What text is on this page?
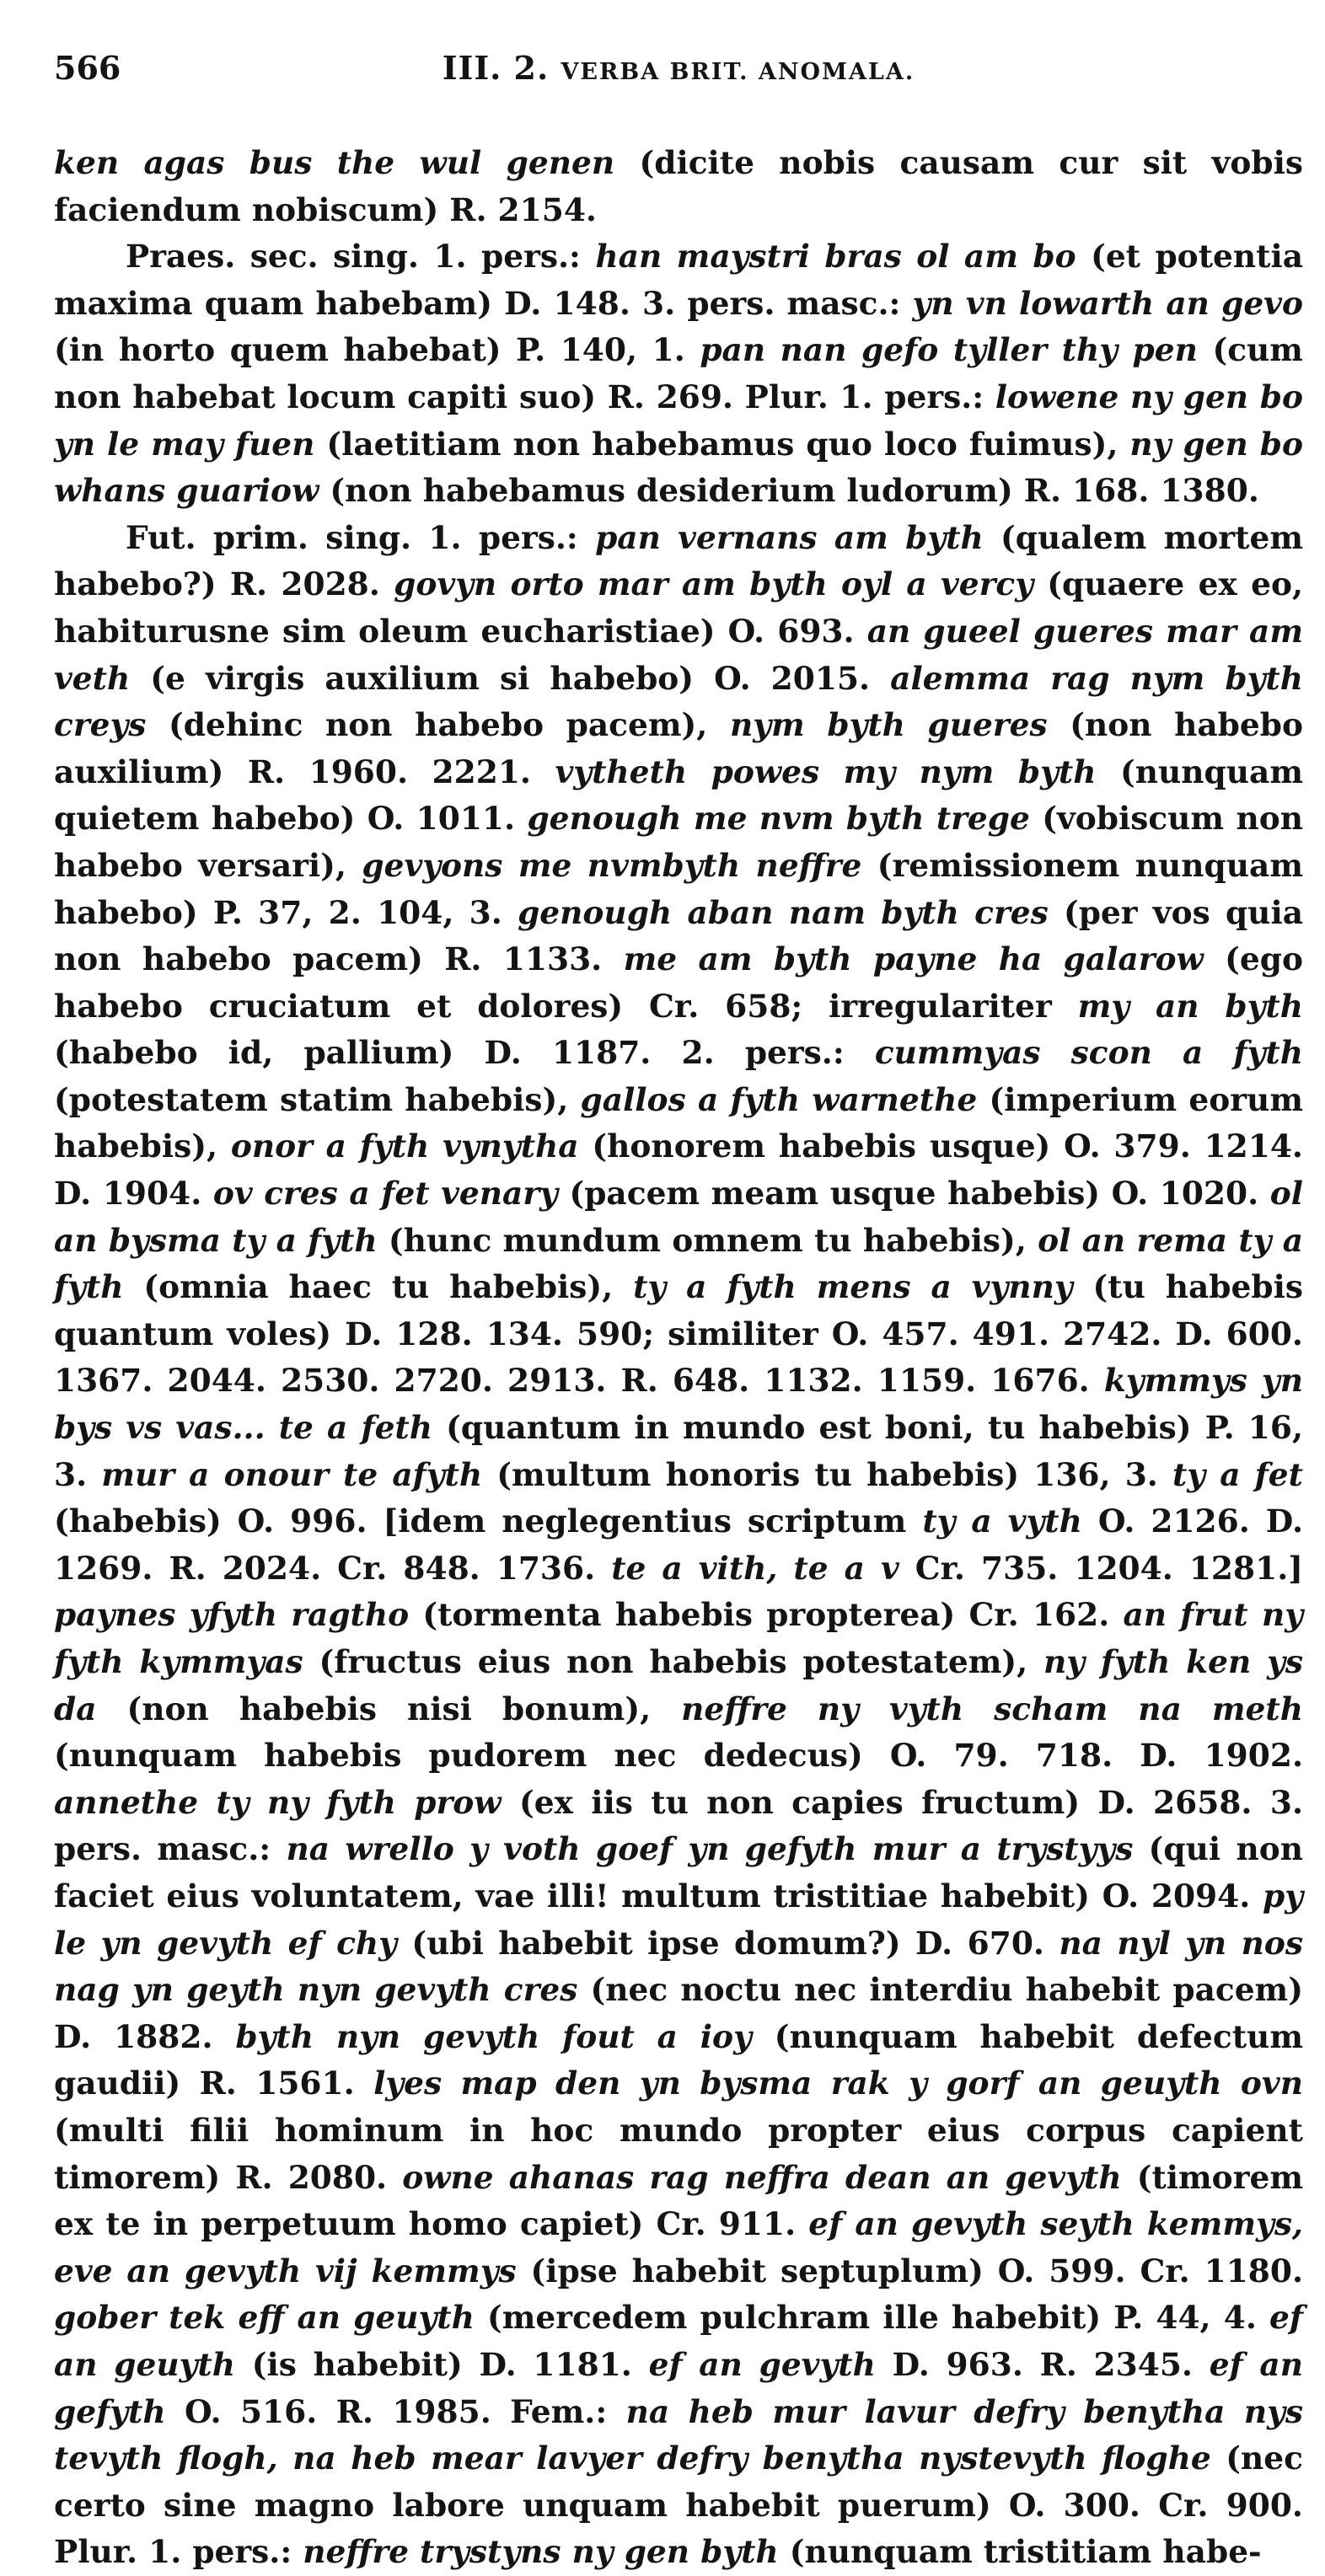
566	III. 2. VERBA BRIT. ANOMALA.

ken agas bus the wul genen (dicite nobis causam cur sit vobis faciendum nobiscum) R. 2154.

Praes. sec. sing. 1. pers.: han maystri bras ol am bo (et potentia maxima quam habebam) D. 148. 3. pers. masc.: yn vn lowarth an gevo (in horto quem habebat) P. 140, 1. pan nan gefo tyller thy pen (cum non habebat locum capiti suo) R. 269. Plur. 1. pers.: lowene ny gen bo yn le may fuen (laetitiam non habebamus quo loco fuimus), ny gen bo whans guariow (non habebamus desiderium ludorum) R. 168. 1380.

Fut. prim. sing. 1. pers.: pan vernans am byth (qualem mortem habebo?) R. 2028. govyn orto mar am byth oyl a vercy (quaere ex eo, habiturusne sim oleum eucharistiae) O. 693. an gueel gueres mar am veth (e virgis auxilium si habebo) O. 2015. alemma rag nym byth creys (dehinc non habebo pacem), nym byth gueres (non habebo auxilium) R. 1960. 2221. vytheth powes my nym byth (nunquam quietem habebo) O. 1011. genough me nvm byth trege (vobiscum non habebo versari), gevyons me nvmbyth neffre (remissionem nunquam habebo) P. 37, 2. 104, 3. genough aban nam byth cres (per vos quia non habebo pacem) R. 1133. me am byth payne ha galarow (ego habebo cruciatum et dolores) Cr. 658; irregulariter my an byth (habebo id, pallium) D. 1187. 2. pers.: cummyas scon a fyth (potestatem statim habebis), gallos a fyth warnethe (imperium eorum habebis), onor a fyth vynytha (honorem habebis usque) O. 379. 1214. D. 1904. ov cres a fet venary (pacem meam usque habebis) O. 1020. ol an bysma ty a fyth (hunc mundum omnem tu habebis), ol an rema ty a fyth (omnia haec tu habebis), ty a fyth mens a vynny (tu habebis quantum voles) D. 128. 134. 590; similiter O. 457. 491. 2742. D. 600. 1367. 2044. 2530. 2720. 2913. R. 648. 1132. 1159. 1676. kymmys yn bys vs vas... te a feth (quantum in mundo est boni, tu habebis) P. 16, 3. mur a onour te afyth (multum honoris tu habebis) 136, 3. ty a fet (habebis) O. 996. [idem neglegentius scriptum ty a vyth O. 2126. D. 1269. R. 2024. Cr. 848. 1736. te a vith, te a v Cr. 735. 1204. 1281.] paynes yfyth ragtho (tormenta habebis propterea) Cr. 162. an frut ny fyth kymmyas (fructus eius non habebis potestatem), ny fyth ken ys da (non habebis nisi bonum), neffre ny vyth scham na meth (nunquam habebis pudorem nec dedecus) O. 79. 718. D. 1902. annethe ty ny fyth prow (ex iis tu non capies fructum) D. 2658. 3. pers. masc.: na wrello y voth goef yn gefyth mur a trystyys (qui non faciet eius voluntatem, vae illi! multum tristitiae habebit) O. 2094. py le yn gevyth ef chy (ubi habebit ipse domum?) D. 670. na nyl yn nos nag yn geyth nyn gevyth cres (nec noctu nec interdiu habebit pacem) D. 1882. byth nyn gevyth fout a ioy (nunquam habebit defectum gaudii) R. 1561. lyes map den yn bysma rak y gorf an geuyth ovn (multi filii hominum in hoc mundo propter eius corpus capient timorem) R. 2080. owne ahanas rag neffra dean an gevyth (timorem ex te in perpetuum homo capiet) Cr. 911. ef an gevyth seyth kemmys, eve an gevyth vij kemmys (ipse habebit septuplum) O. 599. Cr. 1180. gober tek eff an geuyth (mercedem pulchram ille habebit) P. 44, 4. ef an geuyth (is habebit) D. 1181. ef an gevyth D. 963. R. 2345. ef an gefyth O. 516. R. 1985. Fem.: na heb mur lavur defry benytha nys tevyth flogh, na heb mear lavyer defry benytha nystevyth floghe (nec certo sine magno labore unquam habebit puerum) O. 300. Cr. 900. Plur. 1. pers.: neffre trystyns ny gen byth (nunquam tristitiam habe-
